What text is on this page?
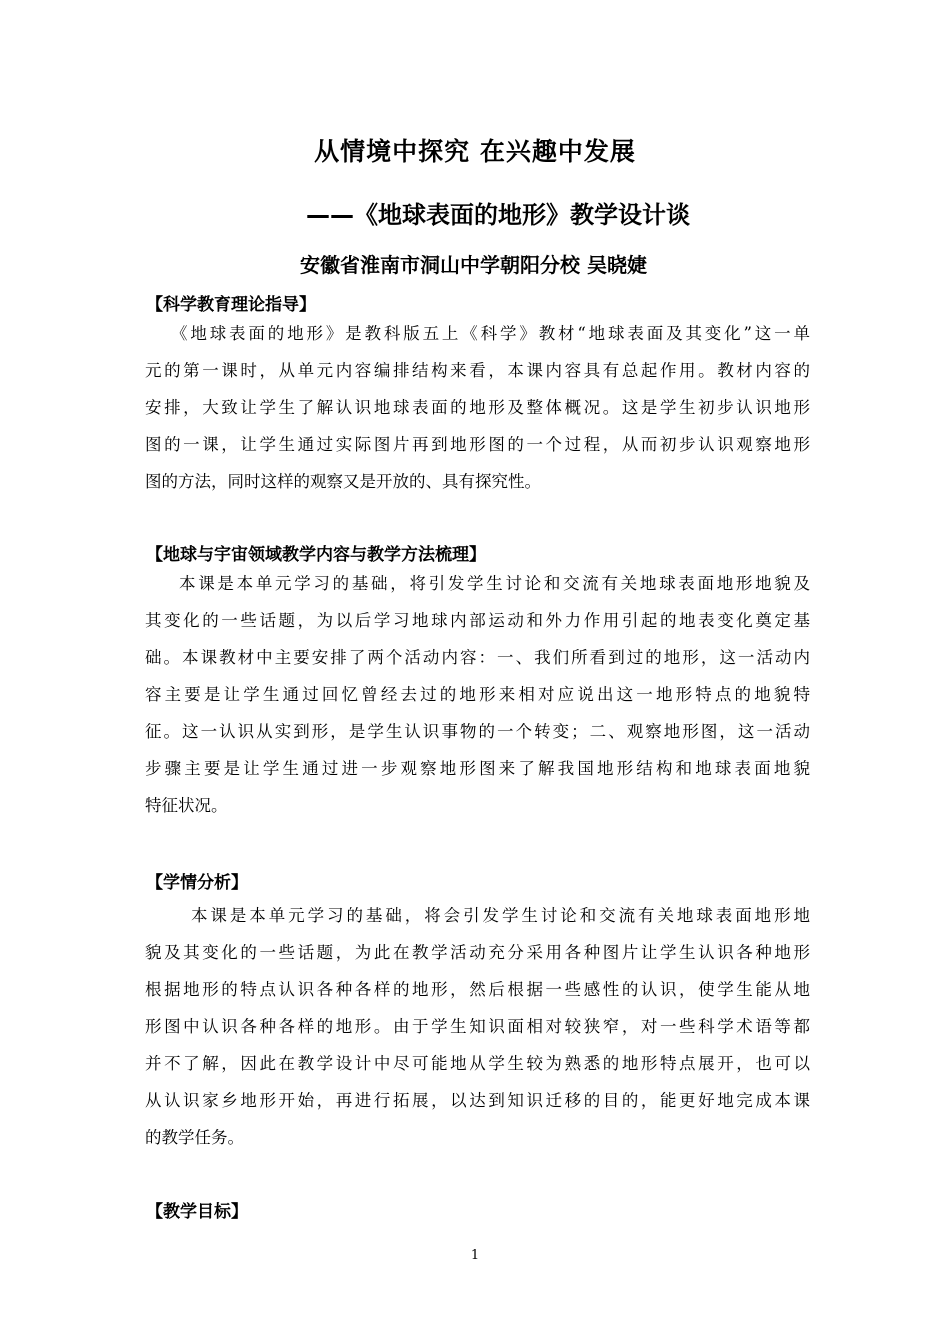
从情境中探究 在兴趣中发展
——《地球表面的地形》教学设计谈
安徽省淮南市洞山中学朝阳分校 吴晓婕
【科学教育理论指导】
《地球表面的地形》是教科版五上《科学》教材“地球表面及其变化”这一单
元的第一课时，从单元内容编排结构来看，本课内容具有总起作用。教材内容的
安排，大致让学生了解认识地球表面的地形及整体概况。这是学生初步认识地形
图的一课，让学生通过实际图片再到地形图的一个过程，从而初步认识观察地形
图的方法，同时这样的观察又是开放的、具有探究性。
【地球与宇宙领域教学内容与教学方法梳理】
本课是本单元学习的基础，将引发学生讨论和交流有关地球表面地形地貌及
其变化的一些话题，为以后学习地球内部运动和外力作用引起的地表变化奠定基
础。本课教材中主要安排了两个活动内容：一、我们所看到过的地形，这一活动内
容主要是让学生通过回忆曾经去过的地形来相对应说出这一地形特点的地貌特
征。这一认识从实到形，是学生认识事物的一个转变；二、观察地形图，这一活动
步骤主要是让学生通过进一步观察地形图来了解我国地形结构和地球表面地貌
特征状况。
【学情分析】
本课是本单元学习的基础，将会引发学生讨论和交流有关地球表面地形地
貌及其变化的一些话题，为此在教学活动充分采用各种图片让学生认识各种地形
根据地形的特点认识各种各样的地形，然后根据一些感性的认识，使学生能从地
形图中认识各种各样的地形。由于学生知识面相对较狭窄，对一些科学术语等都
并不了解，因此在教学设计中尽可能地从学生较为熟悉的地形特点展开，也可以
从认识家乡地形开始，再进行拓展，以达到知识迁移的目的，能更好地完成本课
的教学任务。
【教学目标】
1
